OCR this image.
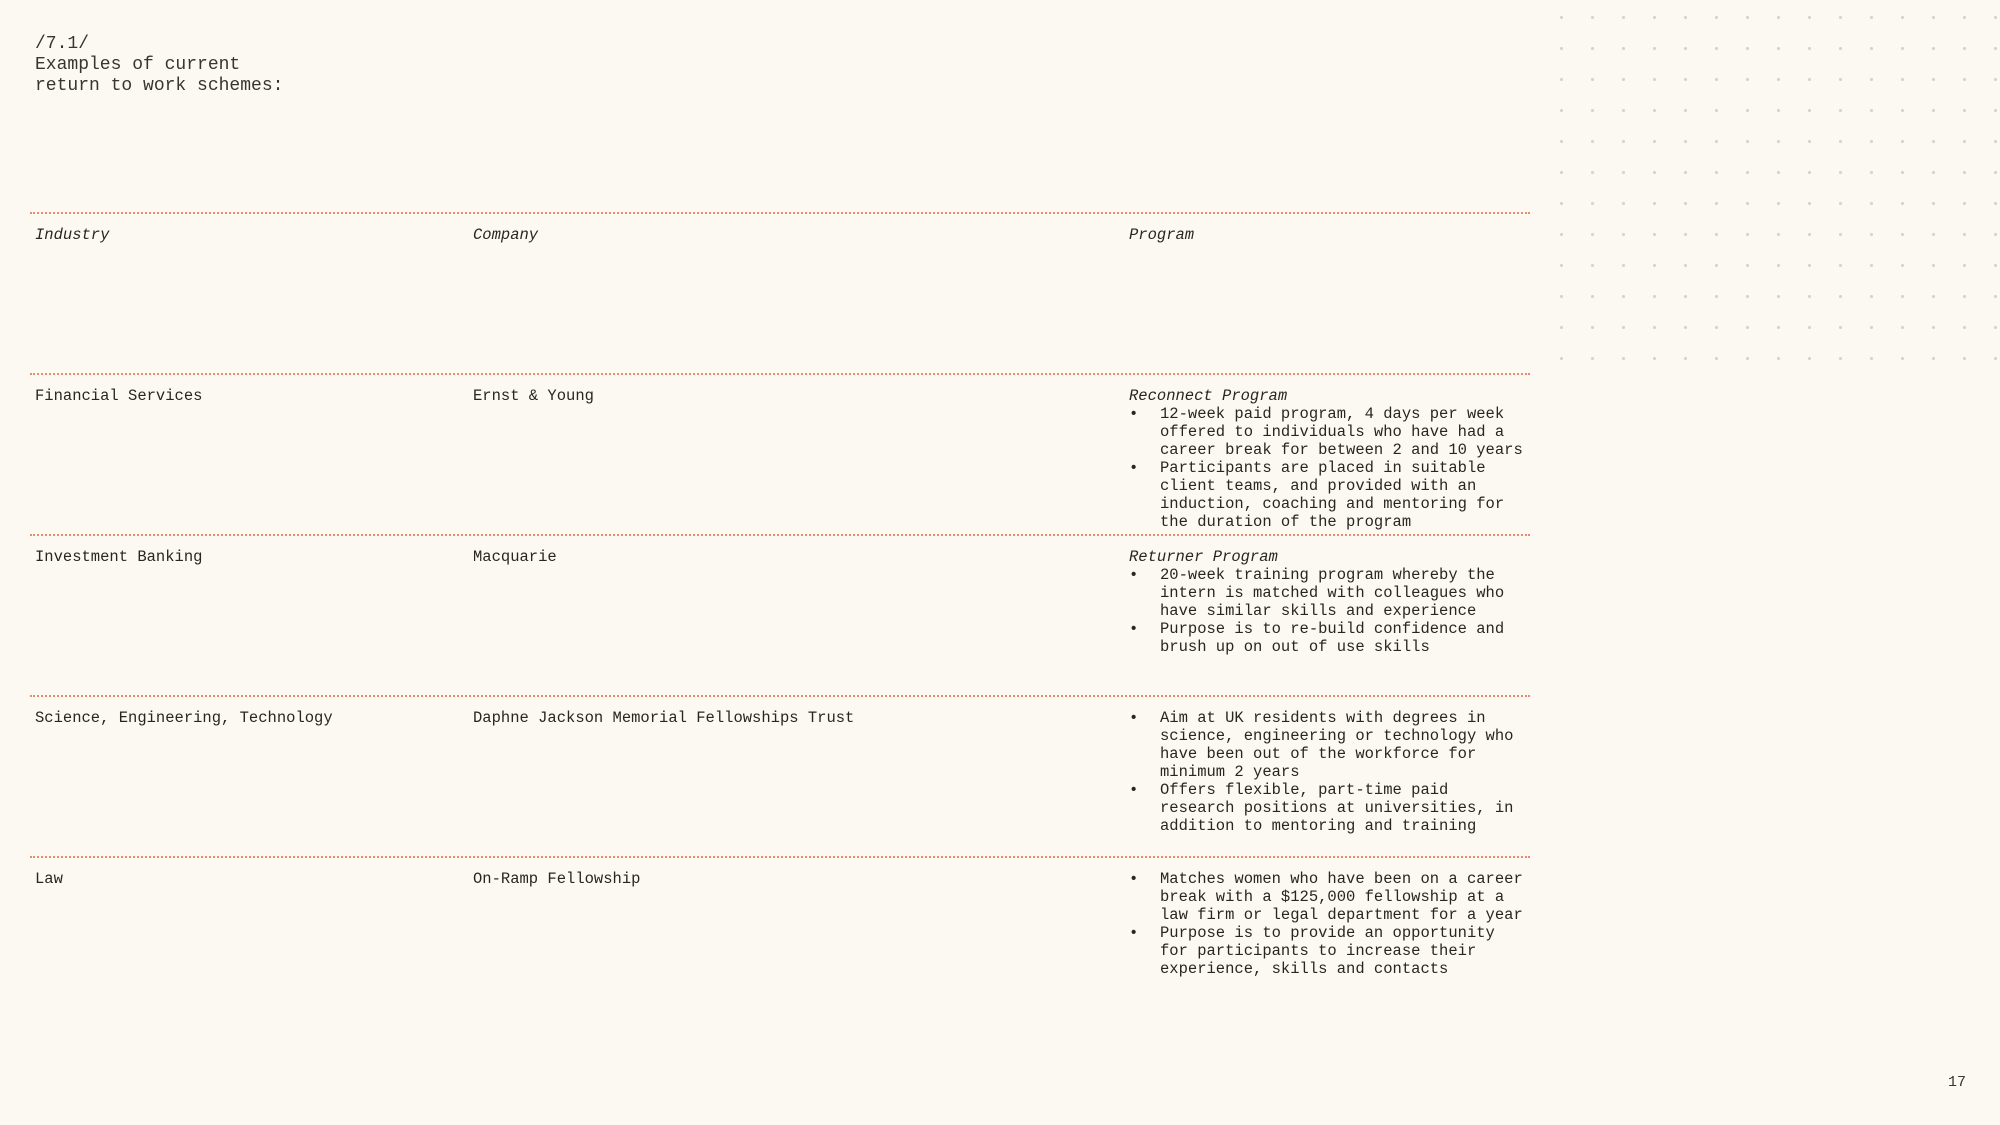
/7.1/
Examples of current
return to work schemes:
Industry	Company	Program
Financial Services	Ernst & Young	Reconnect Program
• 12-week paid program, 4 days per week offered to individuals who have had a career break for between 2 and 10 years
• Participants are placed in suitable client teams, and provided with an induction, coaching and mentoring for the duration of the program
Investment Banking	Macquarie	Returner Program
• 20-week training program whereby the intern is matched with colleagues who have similar skills and experience
• Purpose is to re-build confidence and brush up on out of use skills
Science, Engineering, Technology	Daphne Jackson Memorial Fellowships Trust	• Aim at UK residents with degrees in science, engineering or technology who have been out of the workforce for minimum 2 years
• Offers flexible, part-time paid research positions at universities, in addition to mentoring and training
Law	On-Ramp Fellowship	• Matches women who have been on a career break with a $125,000 fellowship at a law firm or legal department for a year
• Purpose is to provide an opportunity for participants to increase their experience, skills and contacts
17
